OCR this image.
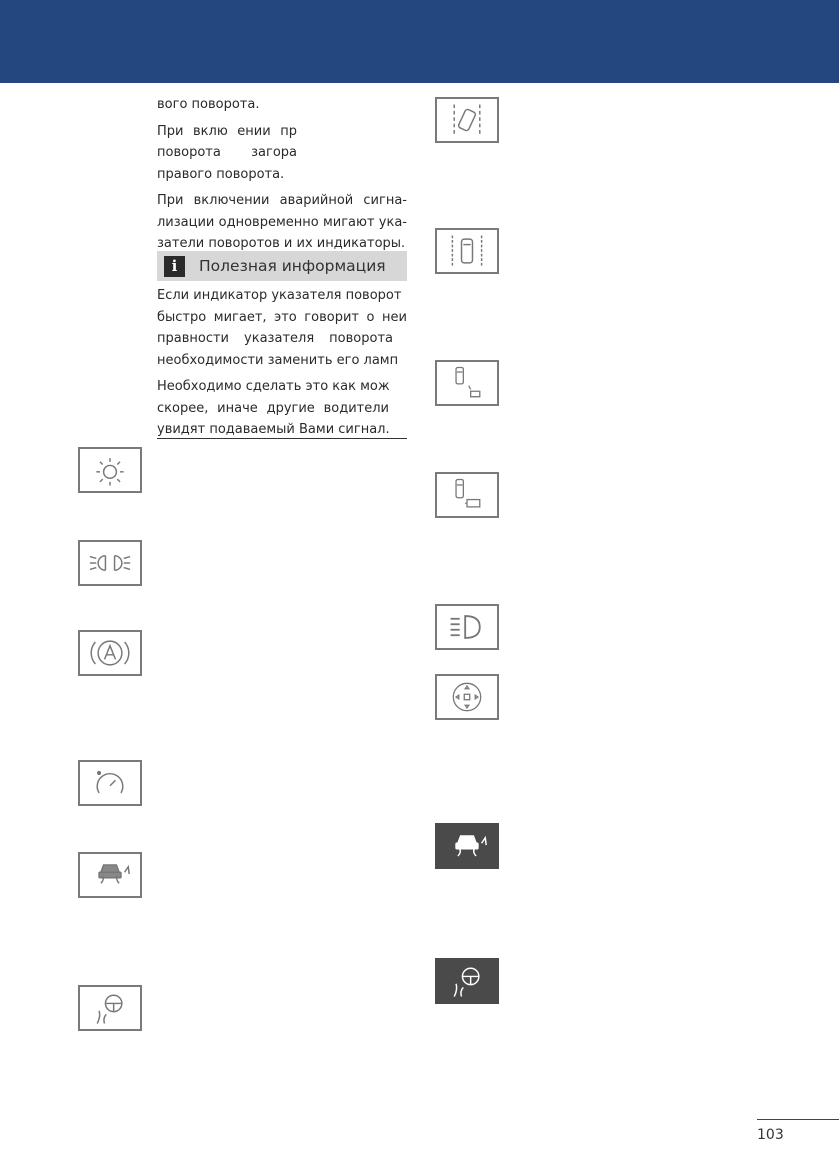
вого поворота.

При вклю ении пр
поворота загора
правого поворота.

При включении аварийной сигна-
лизации одновременно мигают ука-
затели поворотов и их индикаторы.

i	Полезная информация

Если индикатор указателя поворот
быстро мигает, это говорит о неи
правности указателя поворота
необходимости заменить его ламп

Необходимо сделать это как мож
скорее, иначе другие водители
увидят подаваемый Вами сигнал.

103
